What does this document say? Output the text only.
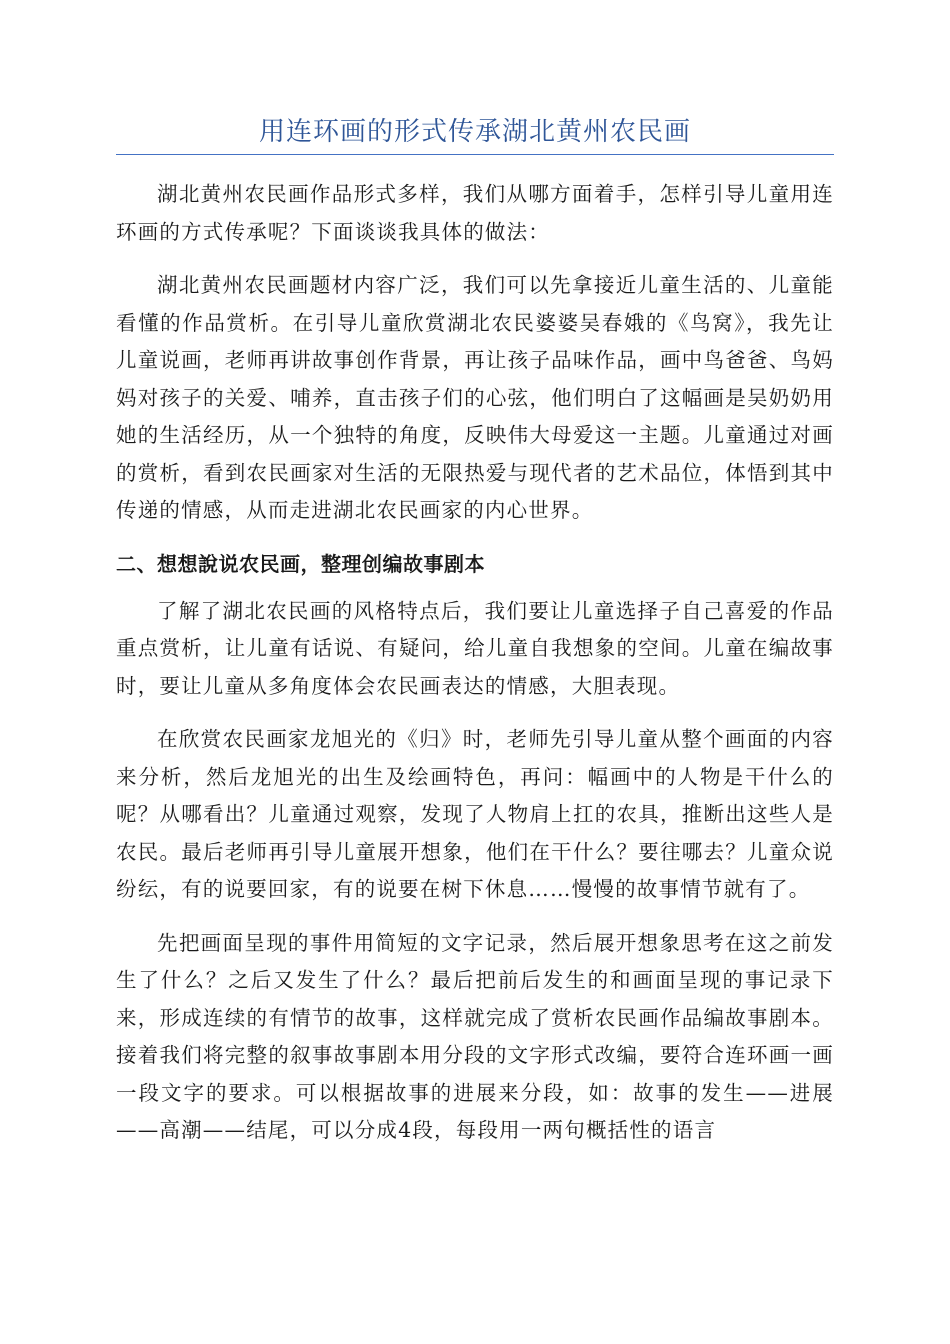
用连环画的形式传承湖北黄州农民画

湖北黄州农民画作品形式多样，我们从哪方面着手，怎样引导儿童用连环画的方式传承呢？下面谈谈我具体的做法：

湖北黄州农民画题材内容广泛，我们可以先拿接近儿童生活的、儿童能看懂的作品赏析。在引导儿童欣赏湖北农民婆婆吴春娥的《鸟窝》，我先让儿童说画，老师再讲故事创作背景，再让孩子品味作品，画中鸟爸爸、鸟妈妈对孩子的关爱、哺养，直击孩子们的心弦，他们明白了这幅画是吴奶奶用她的生活经历，从一个独特的角度，反映伟大母爱这一主题。儿童通过对画的赏析，看到农民画家对生活的无限热爱与现代者的艺术品位，体悟到其中传递的情感，从而走进湖北农民画家的内心世界。

二、想想說说农民画，整理创编故事剧本

了解了湖北农民画的风格特点后，我们要让儿童选择子自己喜爱的作品重点赏析，让儿童有话说、有疑问，给儿童自我想象的空间。儿童在编故事时，要让儿童从多角度体会农民画表达的情感，大胆表现。

在欣赏农民画家龙旭光的《归》时，老师先引导儿童从整个画面的内容来分析，然后龙旭光的出生及绘画特色，再问：幅画中的人物是干什么的呢？从哪看出？儿童通过观察，发现了人物肩上扛的农具，推断出这些人是农民。最后老师再引导儿童展开想象，他们在干什么？要往哪去？儿童众说纷纭，有的说要回家，有的说要在树下休息……慢慢的故事情节就有了。

先把画面呈现的事件用简短的文字记录，然后展开想象思考在这之前发生了什么？之后又发生了什么？最后把前后发生的和画面呈现的事记录下来，形成连续的有情节的故事，这样就完成了赏析农民画作品编故事剧本。接着我们将完整的叙事故事剧本用分段的文字形式改编，要符合连环画一画一段文字的要求。可以根据故事的进展来分段，如：故事的发生——进展——高潮——结尾，可以分成4段，每段用一两句概括性的语言
